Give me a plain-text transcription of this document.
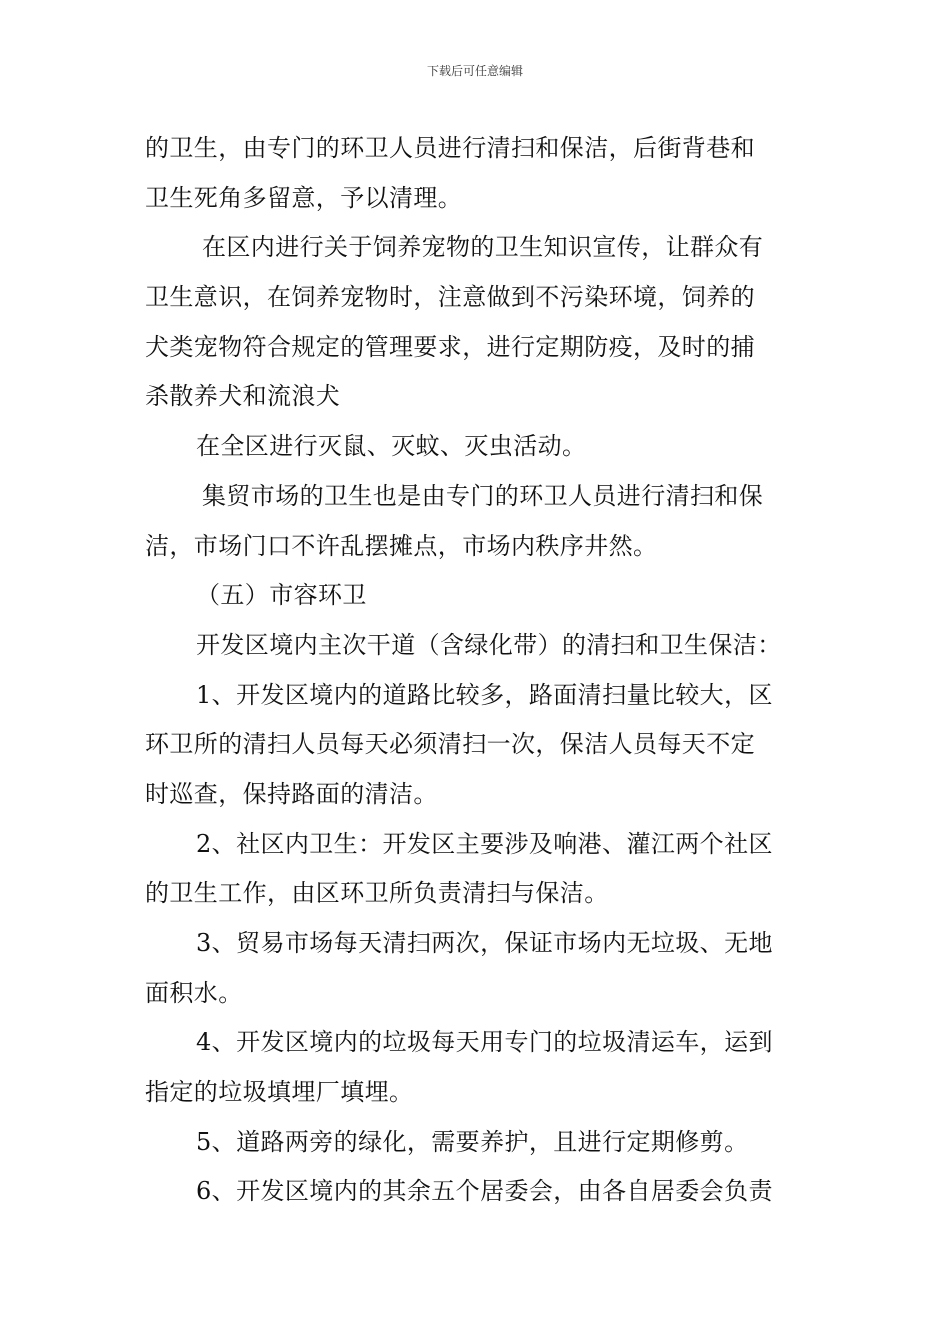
下载后可任意编辑
的卫生，由专门的环卫人员进行清扫和保洁，后街背巷和
卫生死角多留意，予以清理。
在区内进行关于饲养宠物的卫生知识宣传，让群众有
卫生意识，在饲养宠物时，注意做到不污染环境，饲养的
犬类宠物符合规定的管理要求，进行定期防疫，及时的捕
杀散养犬和流浪犬
在全区进行灭鼠、灭蚊、灭虫活动。
集贸市场的卫生也是由专门的环卫人员进行清扫和保
洁，市场门口不许乱摆摊点，市场内秩序井然。
（五）市容环卫
开发区境内主次干道（含绿化带）的清扫和卫生保洁：
1、开发区境内的道路比较多，路面清扫量比较大，区
环卫所的清扫人员每天必须清扫一次，保洁人员每天不定
时巡查，保持路面的清洁。
2、社区内卫生：开发区主要涉及响港、灌江两个社区
的卫生工作，由区环卫所负责清扫与保洁。
3、贸易市场每天清扫两次，保证市场内无垃圾、无地
面积水。
4、开发区境内的垃圾每天用专门的垃圾清运车，运到
指定的垃圾填埋厂填埋。
5、道路两旁的绿化，需要养护，且进行定期修剪。
6、开发区境内的其余五个居委会，由各自居委会负责
